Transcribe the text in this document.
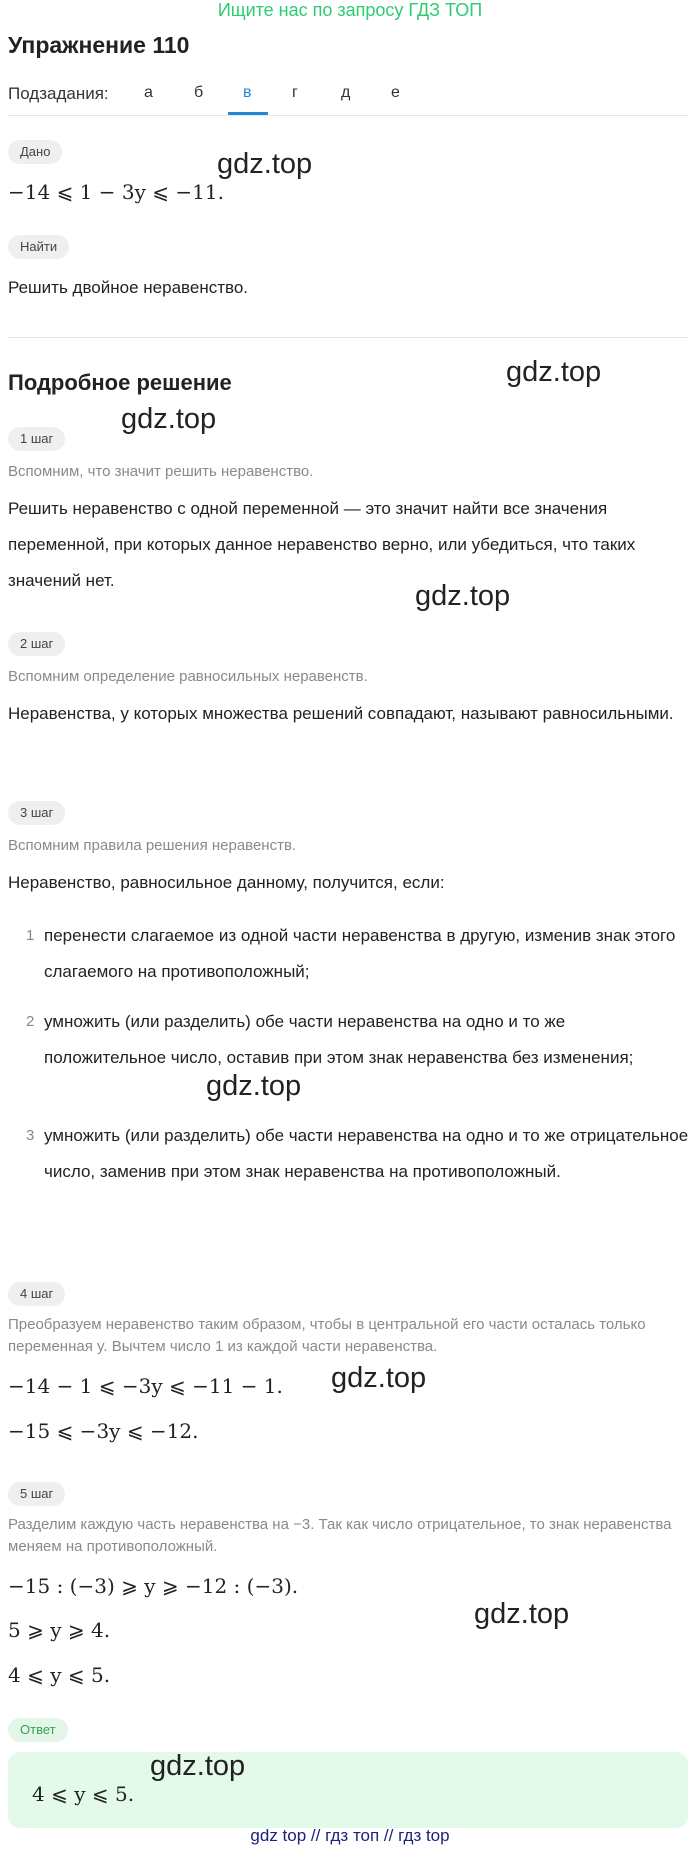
Ищите нас по запросу ГДЗ ТОП
Упражнение 110
Подзадания: а	б в	г	д	е
Дано
−14 ⩽ 1 − 3y ⩽ −11.
Найти
Решить двойное неравенство.
Подробное решение
1 шаг
Вспомним, что значит решить неравенство.
Решить неравенство с одной переменной — это значит найти все значения переменной, при которых данное неравенство верно, или убедиться, что таких значений нет.
2 шаг
Вспомним определение равносильных неравенств.
Неравенства, у которых множества решений совпадают, называют равносильными.
3 шаг
Вспомним правила решения неравенств.
Неравенство, равносильное данному, получится, если:
1 перенести слагаемое из одной части неравенства в другую, изменив знак этого слагаемого на противоположный;
2 умножить (или разделить) обе части неравенства на одно и то же положительное число, оставив при этом знак неравенства без изменения;
3 умножить (или разделить) обе части неравенства на одно и то же отрицательное число, заменив при этом знак неравенства на противоположный.
4 шаг
Преобразуем неравенство таким образом, чтобы в центральной его части осталась только переменная y. Вычтем число 1 из каждой части неравенства.
−14 − 1 ⩽ −3y ⩽ −11 − 1.
−15 ⩽ −3y ⩽ −12.
5 шаг
Разделим каждую часть неравенства на −3. Так как число отрицательное, то знак неравенства меняем на противоположный.
−15 : (−3) ⩾ y ⩾ −12 : (−3).
5 ⩾ y ⩾ 4.
4 ⩽ y ⩽ 5.
Ответ
4 ⩽ y ⩽ 5.
gdz.top
gdz.top
gdz.top
gdz.top
gdz.top
gdz.top
gdz.top
gdz.top
gdz top // гдз топ // гдз top
